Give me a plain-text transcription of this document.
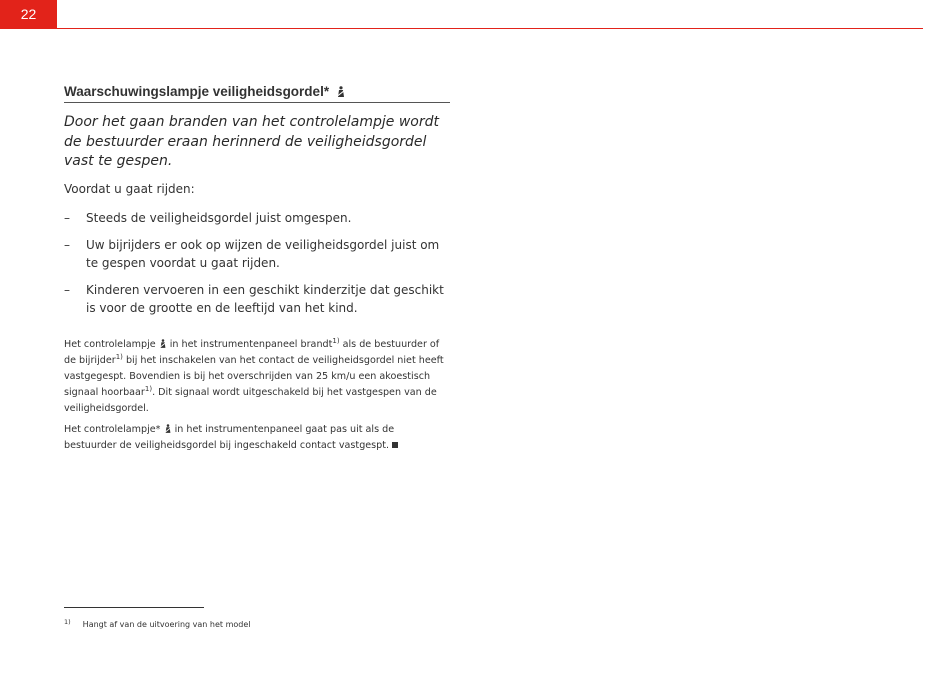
22
Waarschuwingslampje veiligheidsgordel*
Door het gaan branden van het controlelampje wordt de bestuurder eraan herinnerd de veiligheidsgordel vast te gespen.
Voordat u gaat rijden:
– Steeds de veiligheidsgordel juist omgespen.
– Uw bijrijders er ook op wijzen de veiligheidsgordel juist om te gespen voordat u gaat rijden.
– Kinderen vervoeren in een geschikt kinderzitje dat geschikt is voor de grootte en de leeftijd van het kind.
Het controlelampje in het instrumentenpaneel brandt$^{1)}$ als de bestuurder of de bijrijder$^{1)}$ bij het inschakelen van het contact de veiligheidsgordel niet heeft vastgegespt. Bovendien is bij het overschrijden van 25 km/u een akoestisch signaal hoorbaar$^{1)}$. Dit signaal wordt uitgeschakeld bij het vastgespen van de veiligheidsgordel.
Het controlelampje* in het instrumentenpaneel gaat pas uit als de bestuurder de veiligheidsgordel bij ingeschakeld contact vastgespt.
$^{1)}$ Hangt af van de uitvoering van het model
